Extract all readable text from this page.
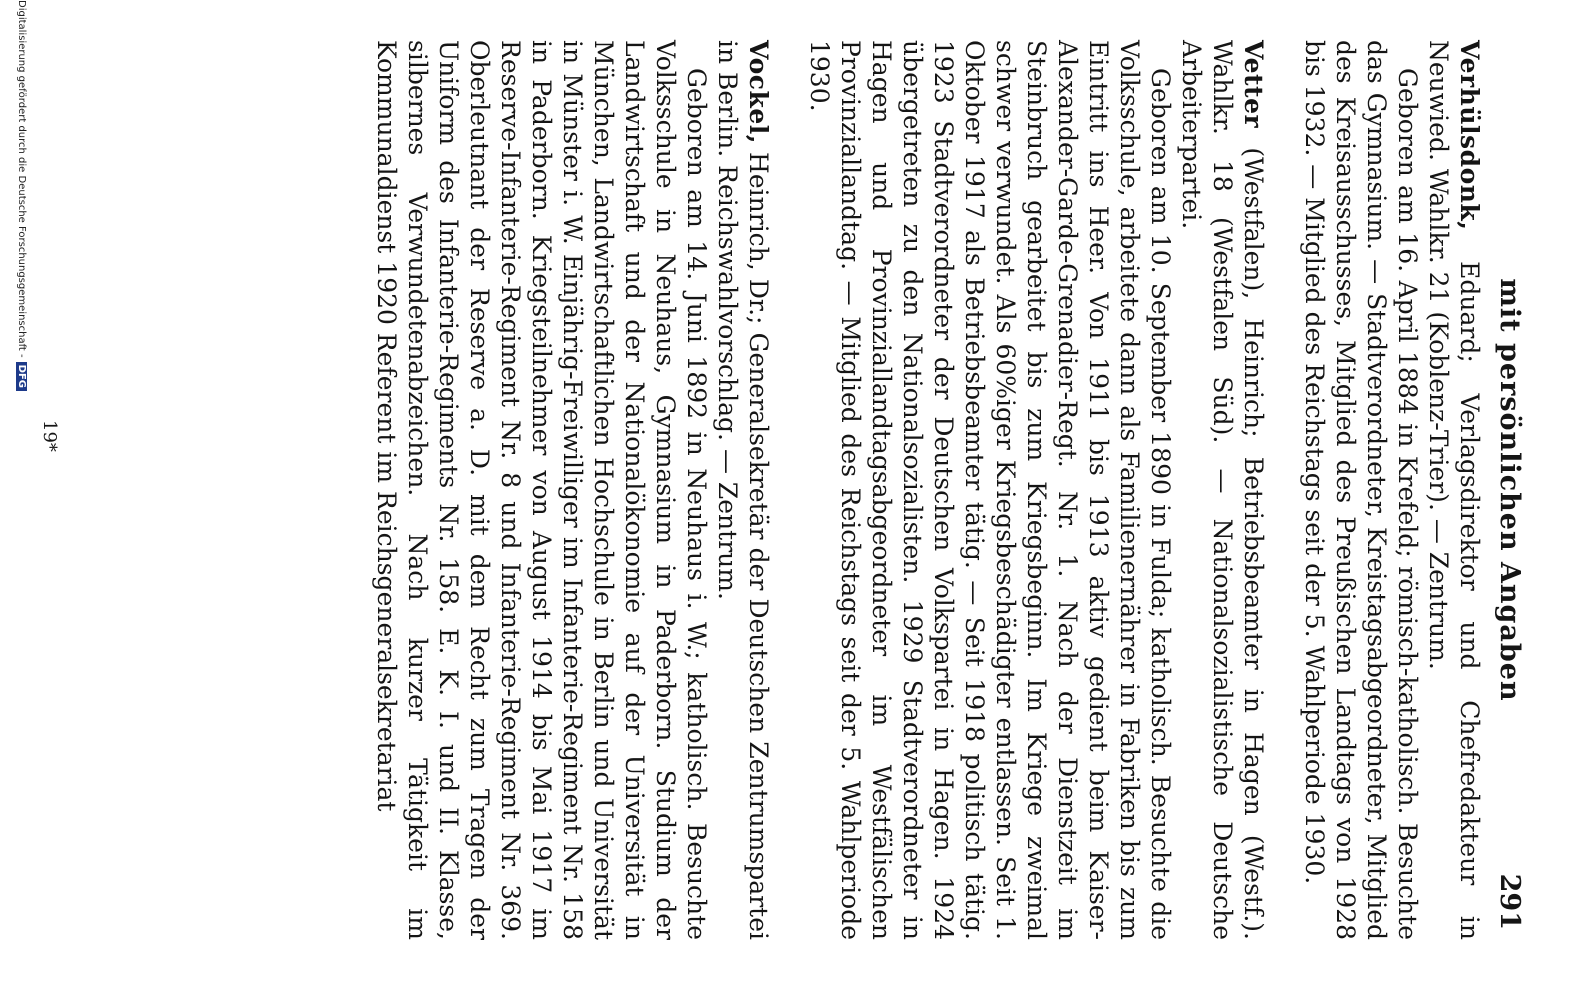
mit persönlichen Angaben
291

Verhülsdonk, Eduard; Verlagsdirektor und Chefredakteur in Neuwied. Wahlkr. 21 (Koblenz-Trier). — Zentrum.

Geboren am 16. April 1884 in Krefeld; römisch-katholisch. Besuchte das Gymnasium. — Stadtverordneter, Kreistagsabgeordneter, Mitglied des Kreisausschusses, Mitglied des Preußischen Landtags von 1928 bis 1932. — Mitglied des Reichstags seit der 5. Wahlperiode 1930.

Vetter (Westfalen), Heinrich; Betriebsbeamter in Hagen (Westf.). Wahlkr. 18 (Westfalen Süd). — Nationalsozialistische Deutsche Arbeiterpartei.

Geboren am 10. September 1890 in Fulda; katholisch. Besuchte die Volksschule, arbeitete dann als Familienernährer in Fabriken bis zum Eintritt ins Heer. Von 1911 bis 1913 aktiv gedient beim Kaiser-Alexander-Garde-Grenadier-Regt. Nr. 1. Nach der Dienstzeit im Steinbruch gearbeitet bis zum Kriegsbeginn. Im Kriege zweimal schwer verwundet. Als 60%iger Kriegsbeschädigter entlassen. Seit 1. Oktober 1917 als Betriebsbeamter tätig. — Seit 1918 politisch tätig. 1923 Stadtverordneter der Deutschen Volkspartei in Hagen. 1924 übergetreten zu den Nationalsozialisten. 1929 Stadtverordneter in Hagen und Provinziallandtagsabgeordneter im Westfälischen Provinziallandtag. — Mitglied des Reichstags seit der 5. Wahlperiode 1930.

Vockel, Heinrich, Dr.; Generalsekretär der Deutschen Zentrumspartei in Berlin. Reichswahlvorschlag. — Zentrum.

Geboren am 14. Juni 1892 in Neuhaus i. W.; katholisch. Besuchte Volksschule in Neuhaus, Gymnasium in Paderborn. Studium der Landwirtschaft und der Nationalökonomie auf der Universität in München, Landwirtschaftlichen Hochschule in Berlin und Universität in Münster i. W. Einjährig-Freiwilliger im Infanterie-Regiment Nr. 158 in Paderborn. Kriegsteilnehmer von August 1914 bis Mai 1917 im Reserve-Infanterie-Regiment Nr. 8 und Infanterie-Regiment Nr. 369. Oberleutnant der Reserve a. D. mit dem Recht zum Tragen der Uniform des Infanterie-Regiments Nr. 158. E. K. I. und II. Klasse, silbernes Verwundetenabzeichen. Nach kurzer Tätigkeit im Kommunaldienst 1920 Referent im Reichsgeneralsekretariat

19*
Digitalisierung gefördert durch die Deutsche Forschungsgemeinschaft -DFG
